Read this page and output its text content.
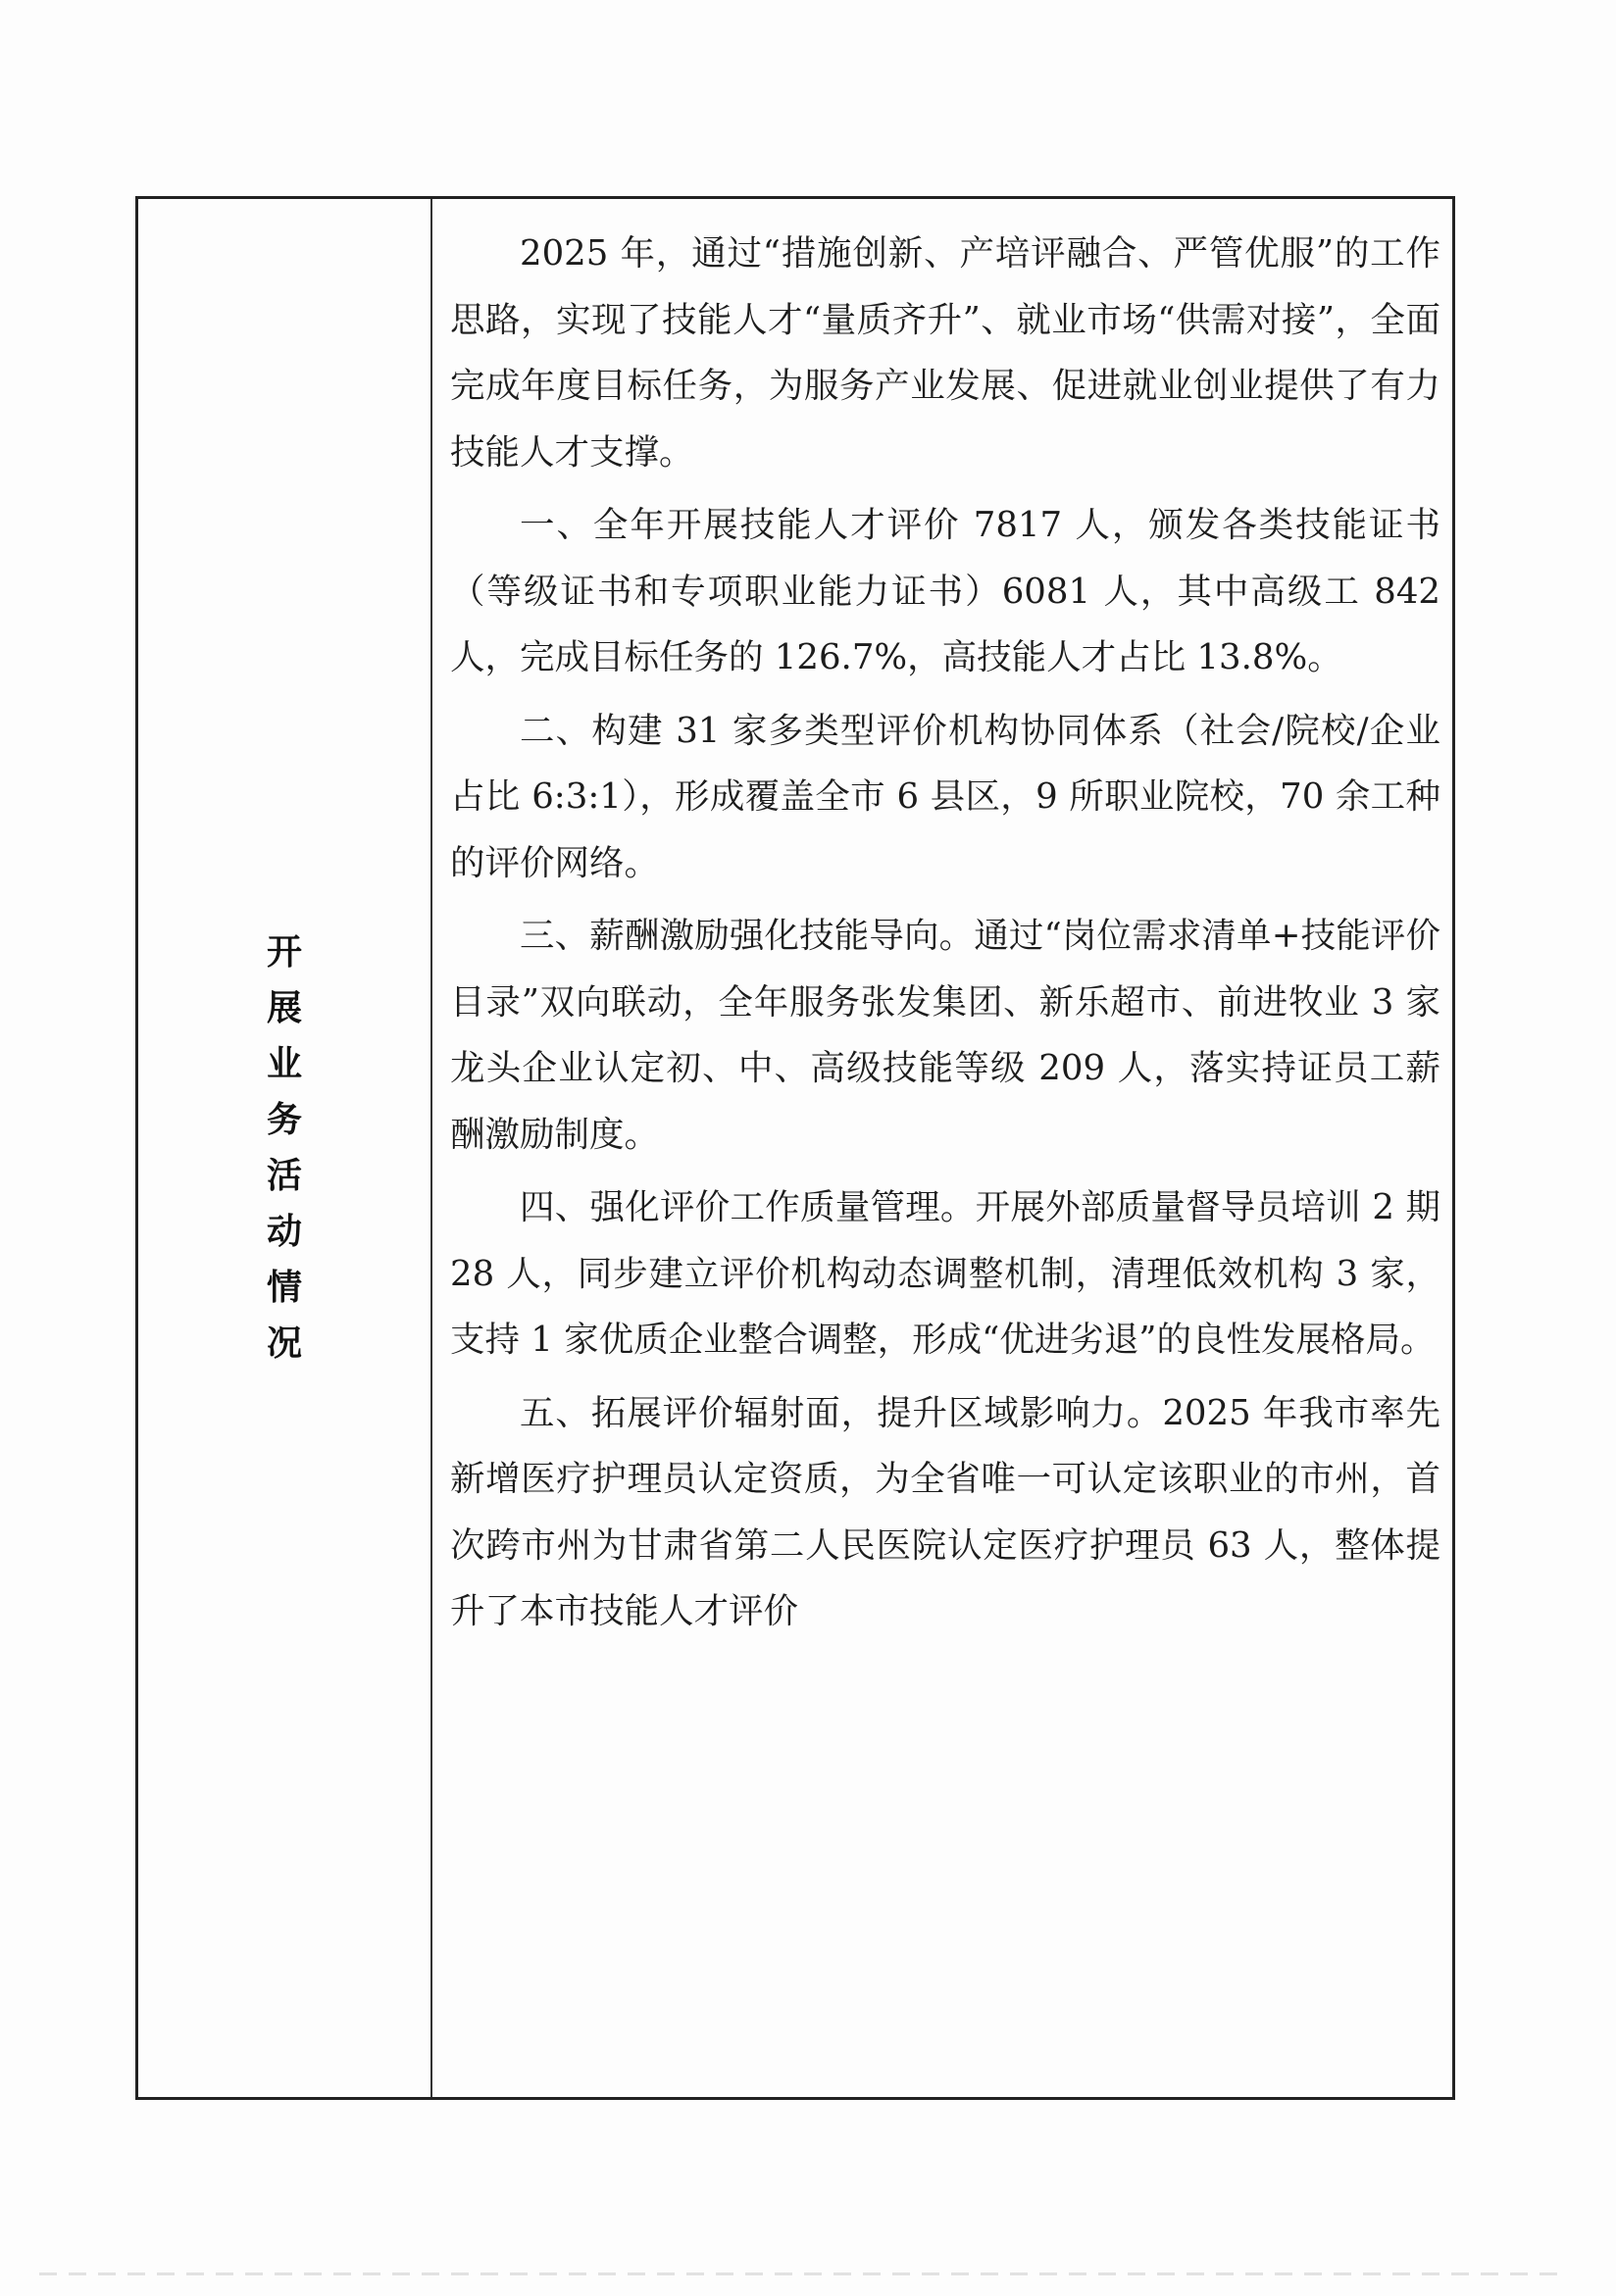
开
展
业
务
活
动
情
况

2025 年，通过“措施创新、产培评融合、严管优服”的工作思路，实现了技能人才“量质齐升”、就业市场“供需对接”，全面完成年度目标任务，为服务产业发展、促进就业创业提供了有力技能人才支撑。

一、全年开展技能人才评价 7817 人，颁发各类技能证书（等级证书和专项职业能力证书）6081 人，其中高级工 842 人，完成目标任务的 126.7%，高技能人才占比 13.8%。

二、构建 31 家多类型评价机构协同体系（社会/院校/企业占比 6:3:1），形成覆盖全市 6 县区，9 所职业院校，70 余工种的评价网络。

三、薪酬激励强化技能导向。通过“岗位需求清单+技能评价目录”双向联动，全年服务张发集团、新乐超市、前进牧业 3 家龙头企业认定初、中、高级技能等级 209 人，落实持证员工薪酬激励制度。

四、强化评价工作质量管理。开展外部质量督导员培训 2 期 28 人，同步建立评价机构动态调整机制，清理低效机构 3 家，支持 1 家优质企业整合调整，形成“优进劣退”的良性发展格局。

五、拓展评价辐射面，提升区域影响力。2025 年我市率先新增医疗护理员认定资质，为全省唯一可认定该职业的市州，首次跨市州为甘肃省第二人民医院认定医疗护理员 63 人，整体提升了本市技能人才评价
